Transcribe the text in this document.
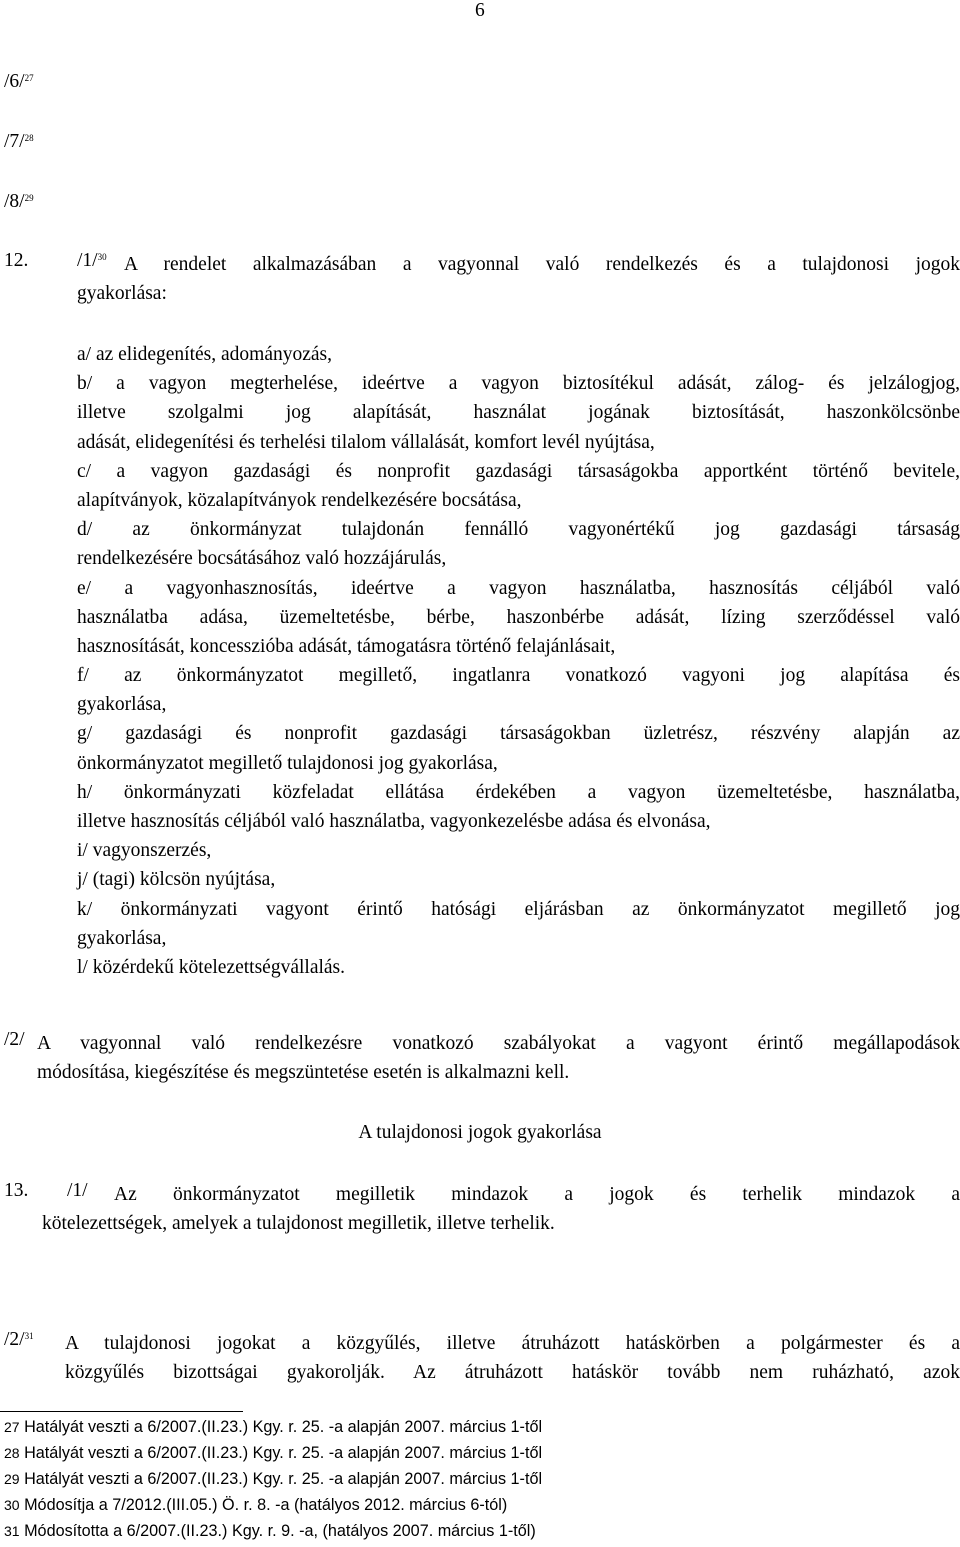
6
/6/$^{27}$
/7/$^{28}$
/8/$^{29}$
12. /1/$^{30}$ A rendelet alkalmazásában a vagyonnal való rendelkezés és a tulajdonosi jogok
gyakorlása:
a/ az elidegenítés, adományozás,
b/ a vagyon megterhelése, ideértve a vagyon biztosítékul adását, zálog- és jelzálogjog,
illetve szolgalmi jog alapítását, használat jogának biztosítását, haszonkölcsönbe
adását, elidegenítési és terhelési tilalom vállalását, komfort levél nyújtása,
c/ a vagyon gazdasági és nonprofit gazdasági társaságokba apportként történő bevitele,
alapítványok, közalapítványok rendelkezésére bocsátása,
d/ az önkormányzat tulajdonán fennálló vagyonértékű jog gazdasági társaság
rendelkezésére bocsátásához való hozzájárulás,
e/ a vagyonhasznosítás, ideértve a vagyon használatba, hasznosítás céljából való
használatba adása, üzemeltetésbe, bérbe, haszonbérbe adását, lízing szerződéssel való
hasznosítását, koncesszióba adását, támogatásra történő felajánlásait,
f/ az önkormányzatot megillető, ingatlanra vonatkozó vagyoni jog alapítása és
gyakorlása,
g/ gazdasági és nonprofit gazdasági társaságokban üzletrész, részvény alapján az
önkormányzatot megillető tulajdonosi jog gyakorlása,
h/ önkormányzati közfeladat ellátása érdekében a vagyon üzemeltetésbe, használatba,
illetve hasznosítás céljából való használatba, vagyonkezelésbe adása és elvonása,
i/ vagyonszerzés,
j/ (tagi) kölcsön nyújtása,
k/ önkormányzati vagyont érintő hatósági eljárásban az önkormányzatot megillető jog
gyakorlása,
l/ közérdekű kötelezettségvállalás.
/2/ A vagyonnal való rendelkezésre vonatkozó szabályokat a vagyont érintő megállapodások
módosítása, kiegészítése és megszüntetése esetén is alkalmazni kell.
A tulajdonosi jogok gyakorlása
13. /1/	Az önkormányzatot megilletik mindazok a jogok és terhelik mindazok a
kötelezettségek, amelyek a tulajdonost megilletik, illetve terhelik.
/2/$^{31}$ A tulajdonosi jogokat a közgyűlés, illetve átruházott hatáskörben a polgármester és a
közgyűlés bizottságai gyakorolják. Az átruházott hatáskör tovább nem ruházható, azok
27 Hatályát veszti a 6/2007.(II.23.) Kgy. r. 25. -a alapján 2007. március 1-től
28 Hatályát veszti a 6/2007.(II.23.) Kgy. r. 25. -a alapján 2007. március 1-től
29 Hatályát veszti a 6/2007.(II.23.) Kgy. r. 25. -a alapján 2007. március 1-től
30 Módosítja a 7/2012.(III.05.) Ö. r. 8. -a (hatályos 2012. március 6-tól)
31 Módosította a 6/2007.(II.23.) Kgy. r. 9. -a, (hatályos 2007. március 1-től)
